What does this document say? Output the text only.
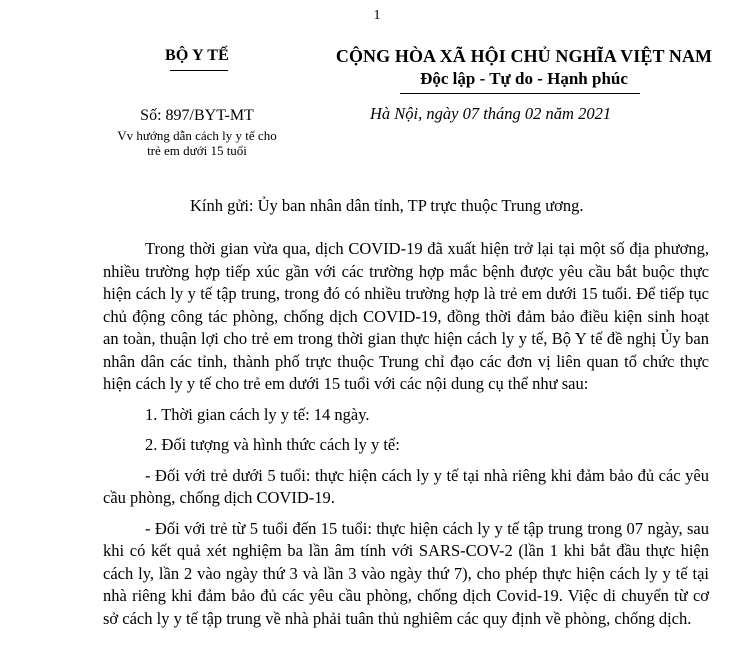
1
BỘ Y TẾ	CỘNG HÒA XÃ HỘI CHỦ NGHĨA VIỆT NAM
Độc lập - Tự do - Hạnh phúc
Số: 897/BYT-MT
Vv hướng dẫn cách ly y tế cho
trẻ em dưới 15 tuổi
Hà Nội, ngày 07 tháng 02 năm 2021
Kính gửi: Ủy ban nhân dân tỉnh, TP trực thuộc Trung ương.

Trong thời gian vừa qua, dịch COVID-19 đã xuất hiện trở lại tại một số địa phương, nhiều trường hợp tiếp xúc gần với các trường hợp mắc bệnh được yêu cầu bắt buộc thực hiện cách ly y tế tập trung, trong đó có nhiều trường hợp là trẻ em dưới 15 tuổi. Để tiếp tục chủ động công tác phòng, chống dịch COVID-19, đồng thời đảm bảo điều kiện sinh hoạt an toàn, thuận lợi cho trẻ em trong thời gian thực hiện cách ly y tế, Bộ Y tế đề nghị Ủy ban nhân dân các tỉnh, thành phố trực thuộc Trung chỉ đạo các đơn vị liên quan tổ chức thực hiện cách ly y tế cho trẻ em dưới 15 tuổi với các nội dung cụ thể như sau:

1. Thời gian cách ly y tế: 14 ngày.

2. Đối tượng và hình thức cách ly y tế:

- Đối với trẻ dưới 5 tuổi: thực hiện cách ly y tế tại nhà riêng khi đảm bảo đủ các yêu cầu phòng, chống dịch COVID-19.

- Đối với trẻ từ 5 tuổi đến 15 tuổi: thực hiện cách ly y tế tập trung trong 07 ngày, sau khi có kết quả xét nghiệm ba lần âm tính với SARS-COV-2 (lần 1 khi bắt đầu thực hiện cách ly, lần 2 vào ngày thứ 3 và lần 3 vào ngày thứ 7), cho phép thực hiện cách ly y tế tại nhà riêng khi đảm bảo đủ các yêu cầu phòng, chống dịch Covid-19. Việc di chuyển từ cơ sở cách ly y tế tập trung về nhà phải tuân thủ nghiêm các quy định về phòng, chống dịch.
